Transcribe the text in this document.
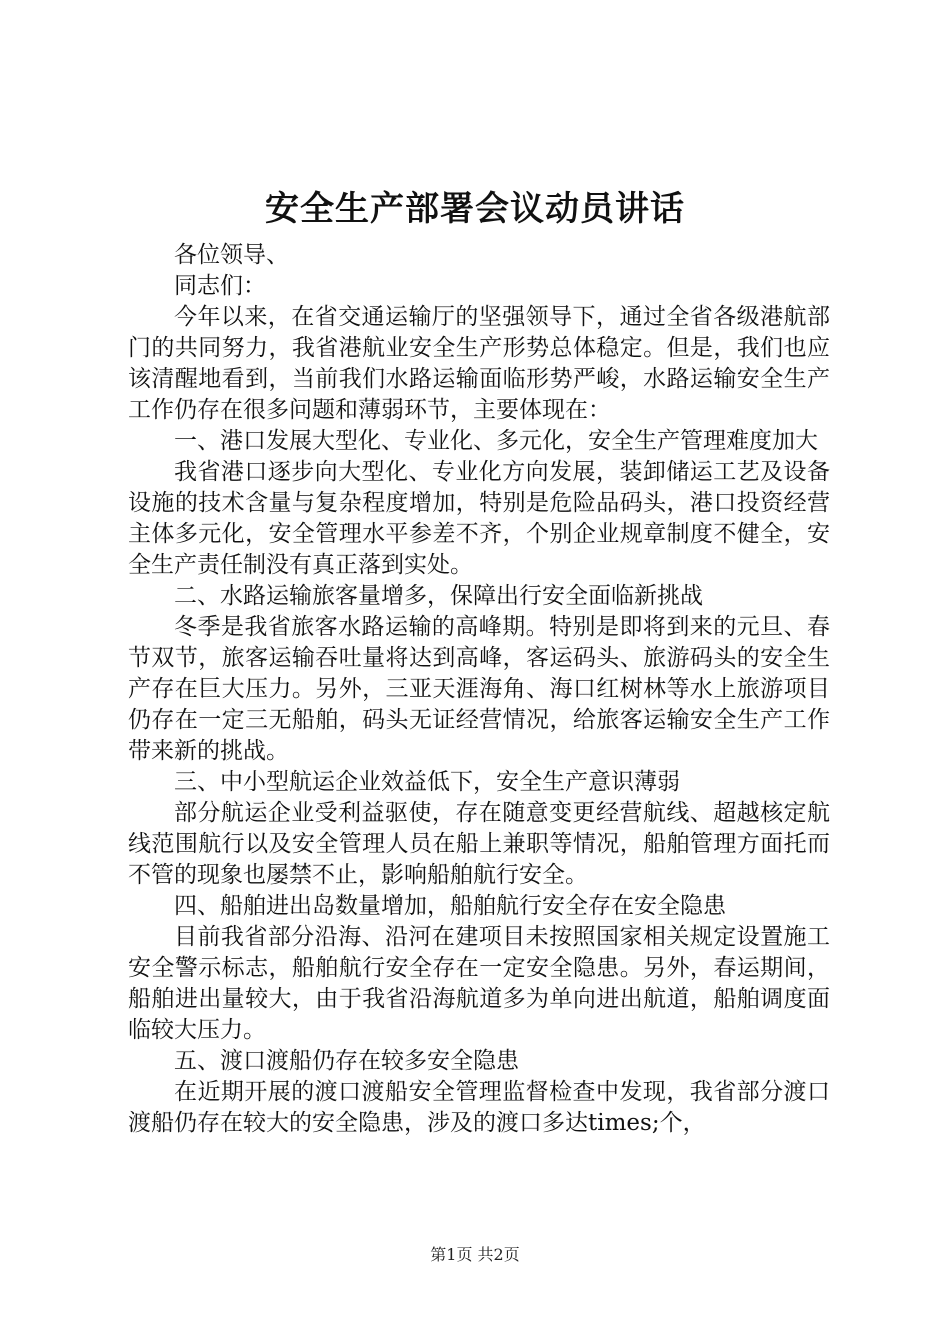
安全生产部署会议动员讲话

各位领导、

同志们：

今年以来，在省交通运输厅的坚强领导下，通过全省各级港航部门的共同努力，我省港航业安全生产形势总体稳定。但是，我们也应该清醒地看到，当前我们水路运输面临形势严峻，水路运输安全生产工作仍存在很多问题和薄弱环节，主要体现在：

一、港口发展大型化、专业化、多元化，安全生产管理难度加大

我省港口逐步向大型化、专业化方向发展，装卸储运工艺及设备设施的技术含量与复杂程度增加，特别是危险品码头，港口投资经营主体多元化，安全管理水平参差不齐，个别企业规章制度不健全，安全生产责任制没有真正落到实处。

二、水路运输旅客量增多，保障出行安全面临新挑战

冬季是我省旅客水路运输的高峰期。特别是即将到来的元旦、春节双节，旅客运输吞吐量将达到高峰，客运码头、旅游码头的安全生产存在巨大压力。另外，三亚天涯海角、海口红树林等水上旅游项目仍存在一定三无船舶，码头无证经营情况，给旅客运输安全生产工作带来新的挑战。

三、中小型航运企业效益低下，安全生产意识薄弱

部分航运企业受利益驱使，存在随意变更经营航线、超越核定航线范围航行以及安全管理人员在船上兼职等情况，船舶管理方面托而不管的现象也屡禁不止，影响船舶航行安全。

四、船舶进出岛数量增加，船舶航行安全存在安全隐患

目前我省部分沿海、沿河在建项目未按照国家相关规定设置施工安全警示标志，船舶航行安全存在一定安全隐患。另外，春运期间，船舶进出量较大，由于我省沿海航道多为单向进出航道，船舶调度面临较大压力。

五、渡口渡船仍存在较多安全隐患

在近期开展的渡口渡船安全管理监督检查中发现，我省部分渡口渡船仍存在较大的安全隐患，涉及的渡口多达times;个，

第1页 共2页
